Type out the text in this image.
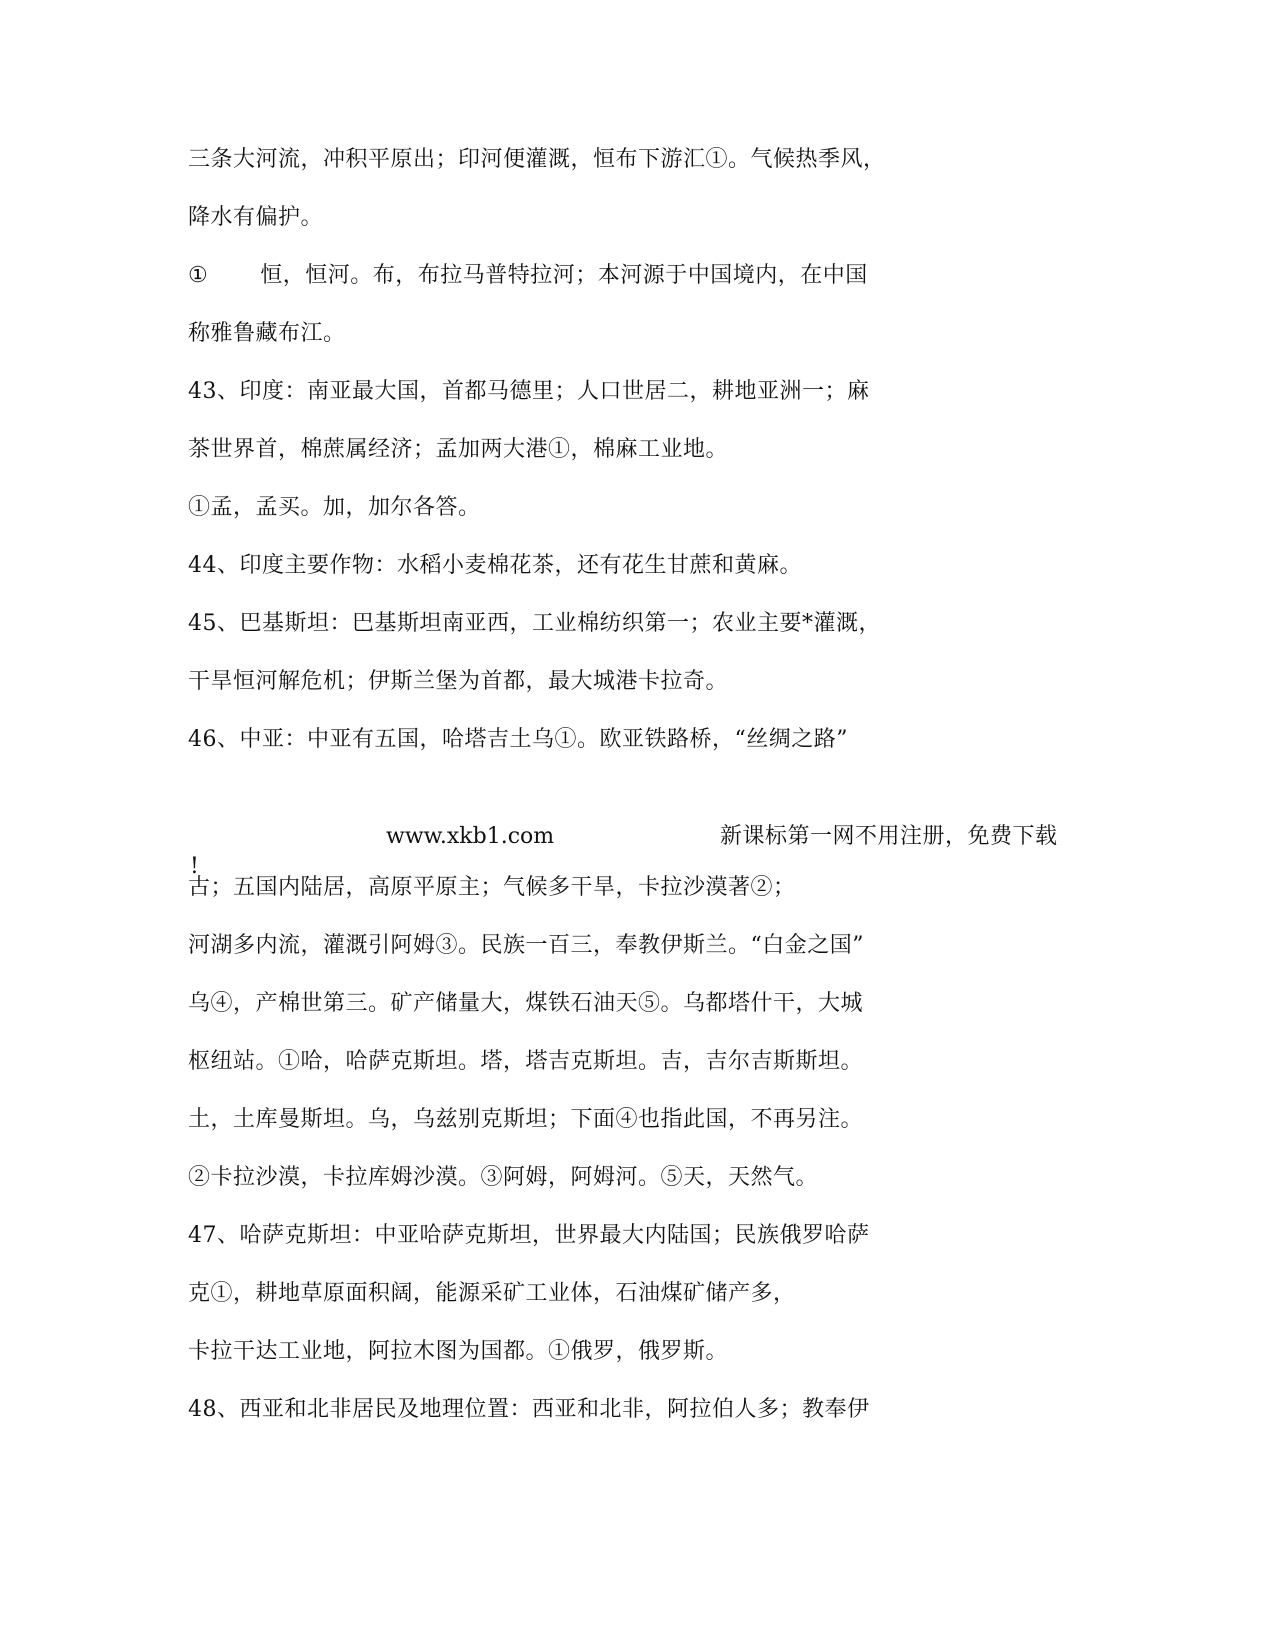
三条大河流，冲积平原出；印河便灌溉，恒布下游汇①。气候热季风，
降水有偏护。
① 恒，恒河。布，布拉马普特拉河；本河源于中国境内，在中国
称雅鲁藏布江。
43、印度：南亚最大国，首都马德里；人口世居二，耕地亚洲一；麻
茶世界首，棉蔗属经济；孟加两大港①，棉麻工业地。
①孟，孟买。加，加尔各答。
44、印度主要作物：水稻小麦棉花茶，还有花生甘蔗和黄麻。
45、巴基斯坦：巴基斯坦南亚西，工业棉纺织第一；农业主要*灌溉，
干旱恒河解危机；伊斯兰堡为首都，最大城港卡拉奇。
46、中亚：中亚有五国，哈塔吉土乌①。欧亚铁路桥，“丝绸之路”
www.xkb1.com	新课标第一网不用注册，免费下载
!
古；五国内陆居，高原平原主；气候多干旱，卡拉沙漠著②；
河湖多内流，灌溉引阿姆③。民族一百三，奉教伊斯兰。“白金之国”
乌④，产棉世第三。矿产储量大，煤铁石油天⑤。乌都塔什干，大城
枢纽站。①哈，哈萨克斯坦。塔，塔吉克斯坦。吉，吉尔吉斯斯坦。
土，土库曼斯坦。乌，乌兹别克斯坦；下面④也指此国，不再另注。
②卡拉沙漠，卡拉库姆沙漠。③阿姆，阿姆河。⑤天，天然气。
47、哈萨克斯坦：中亚哈萨克斯坦，世界最大内陆国；民族俄罗哈萨
克①，耕地草原面积阔，能源采矿工业体，石油煤矿储产多，
卡拉干达工业地，阿拉木图为国都。①俄罗，俄罗斯。
48、西亚和北非居民及地理位置：西亚和北非，阿拉伯人多；教奉伊
